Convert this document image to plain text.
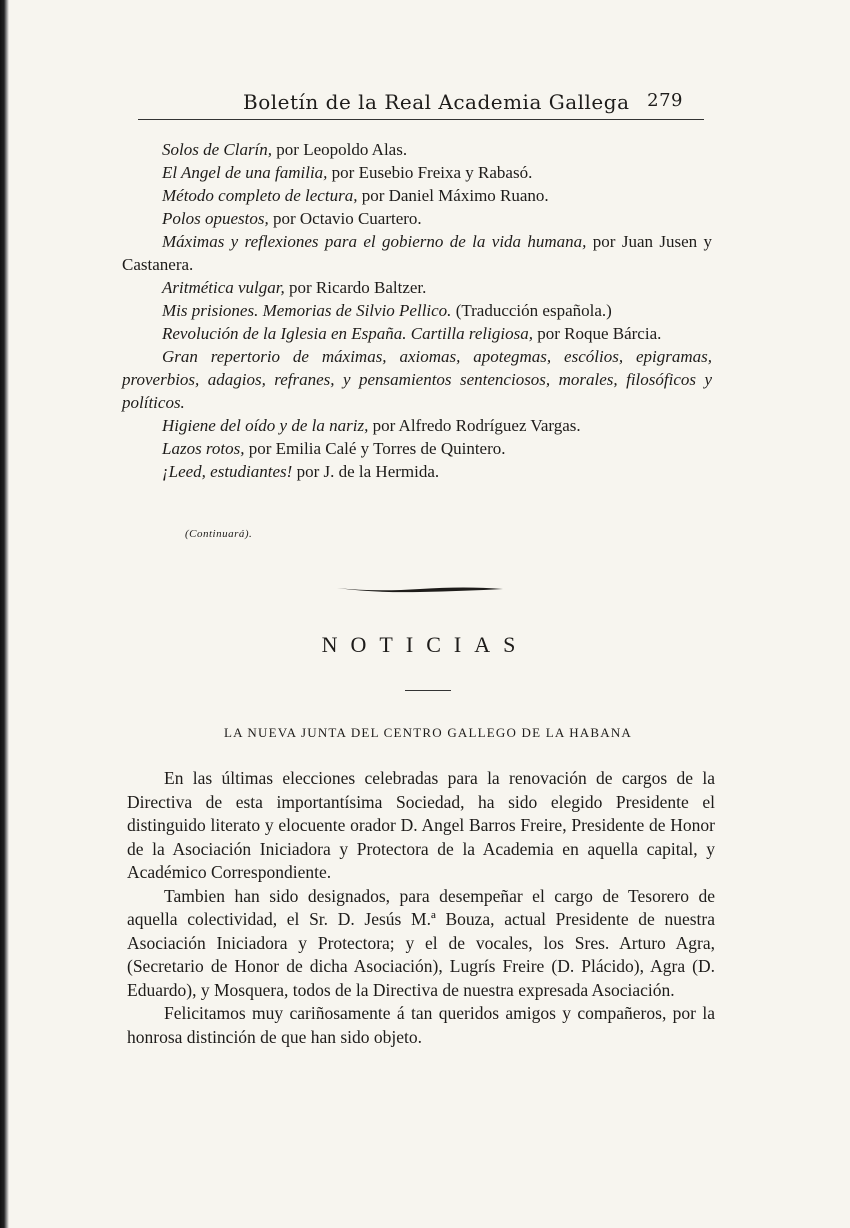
Boletín de la Real Academia Gallega 279
Solos de Clarín, por Leopoldo Alas.
El Angel de una familia, por Eusebio Freixa y Rabasó.
Método completo de lectura, por Daniel Máximo Ruano.
Polos opuestos, por Octavio Cuartero.
Máximas y reflexiones para el gobierno de la vida humana, por Juan Jusen y Castanera.
Aritmética vulgar, por Ricardo Baltzer.
Mis prisiones. Memorias de Silvio Pellico. (Traducción española.)
Revolución de la Iglesia en España. Cartilla religiosa, por Roque Bárcia.
Gran repertorio de máximas, axiomas, apotegmas, escólios, epigramas, proverbios, adagios, refranes, y pensamientos sentenciosos, morales, filosóficos y políticos.
Higiene del oído y de la nariz, por Alfredo Rodríguez Vargas.
Lazos rotos, por Emilia Calé y Torres de Quintero.
¡Leed, estudiantes! por J. de la Hermida.
(Continuará).
NOTICIAS
LA NUEVA JUNTA DEL CENTRO GALLEGO DE LA HABANA

En las últimas elecciones celebradas para la renovación de cargos de la Directiva de esta importantísima Sociedad, ha sido elegido Presidente el distinguido literato y elocuente orador D. Angel Barros Freire, Presidente de Honor de la Asociación Iniciadora y Protectora de la Academia en aquella capital, y Académico Correspondiente.

Tambien han sido designados, para desempeñar el cargo de Tesorero de aquella colectividad, el Sr. D. Jesús M.ª Bouza, actual Presidente de nuestra Asociación Iniciadora y Protectora; y el de vocales, los Sres. Arturo Agra, (Secretario de Honor de dicha Asociación), Lugrís Freire (D. Plácido), Agra (D. Eduardo), y Mosquera, todos de la Directiva de nuestra expresada Asociación.

Felicitamos muy cariñosamente á tan queridos amigos y compañeros, por la honrosa distinción de que han sido objeto.
